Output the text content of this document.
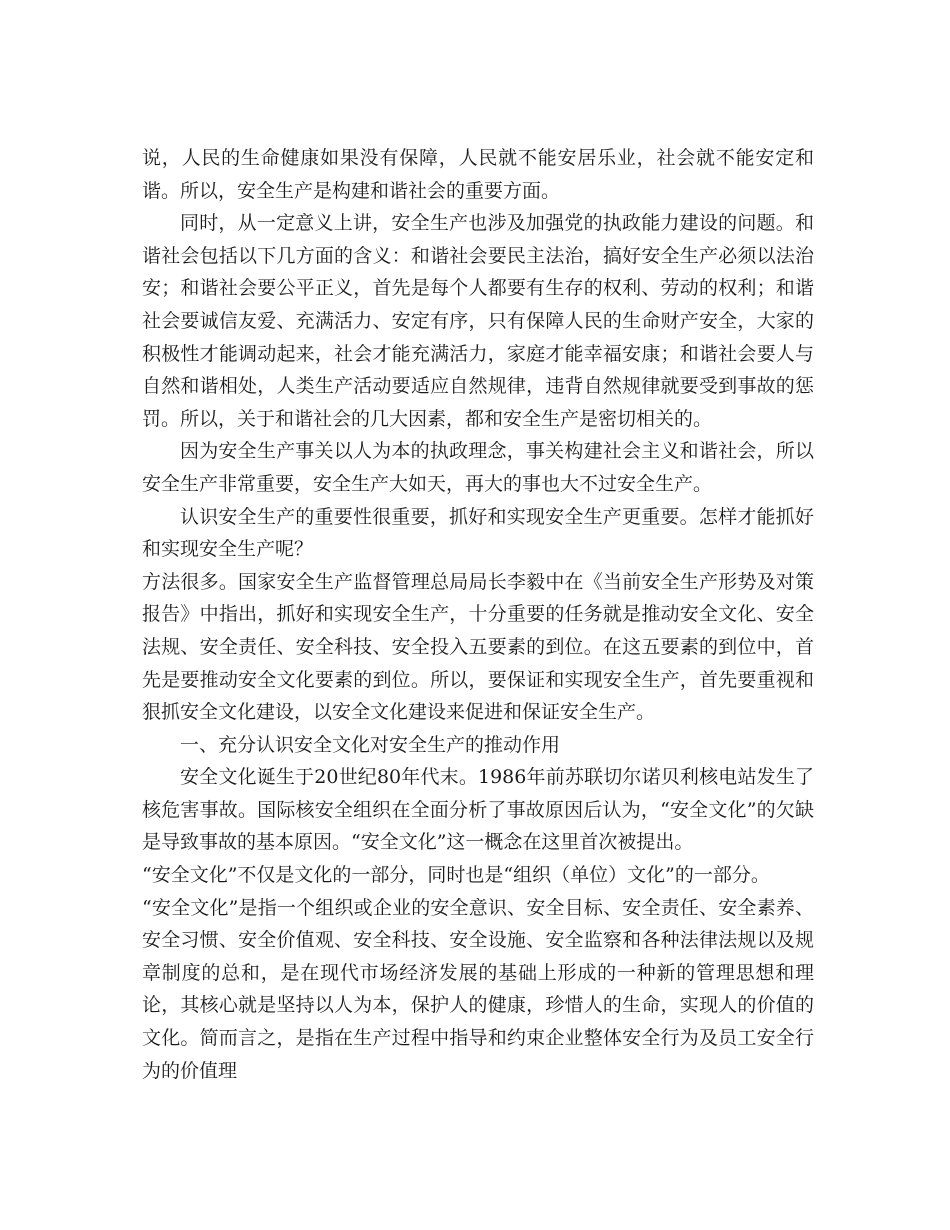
说，人民的生命健康如果没有保障，人民就不能安居乐业，社会就不能安定和谐。所以，安全生产是构建和谐社会的重要方面。

同时，从一定意义上讲，安全生产也涉及加强党的执政能力建设的问题。和谐社会包括以下几方面的含义：和谐社会要民主法治，搞好安全生产必须以法治安；和谐社会要公平正义，首先是每个人都要有生存的权利、劳动的权利；和谐社会要诚信友爱、充满活力、安定有序，只有保障人民的生命财产安全，大家的积极性才能调动起来，社会才能充满活力，家庭才能幸福安康；和谐社会要人与自然和谐相处，人类生产活动要适应自然规律，违背自然规律就要受到事故的惩罚。所以，关于和谐社会的几大因素，都和安全生产是密切相关的。

因为安全生产事关以人为本的执政理念，事关构建社会主义和谐社会，所以安全生产非常重要，安全生产大如天，再大的事也大不过安全生产。

认识安全生产的重要性很重要，抓好和实现安全生产更重要。怎样才能抓好和实现安全生产呢？

方法很多。国家安全生产监督管理总局局长李毅中在《当前安全生产形势及对策报告》中指出，抓好和实现安全生产，十分重要的任务就是推动安全文化、安全法规、安全责任、安全科技、安全投入五要素的到位。在这五要素的到位中，首先是要推动安全文化要素的到位。所以，要保证和实现安全生产，首先要重视和狠抓安全文化建设，以安全文化建设来促进和保证安全生产。

一、充分认识安全文化对安全生产的推动作用

安全文化诞生于20世纪80年代末。1986年前苏联切尔诺贝利核电站发生了核危害事故。国际核安全组织在全面分析了事故原因后认为，“安全文化”的欠缺是导致事故的基本原因。“安全文化”这一概念在这里首次被提出。

“安全文化”不仅是文化的一部分，同时也是“组织（单位）文化”的一部分。

“安全文化”是指一个组织或企业的安全意识、安全目标、安全责任、安全素养、安全习惯、安全价值观、安全科技、安全设施、安全监察和各种法律法规以及规章制度的总和，是在现代市场经济发展的基础上形成的一种新的管理思想和理论，其核心就是坚持以人为本，保护人的健康，珍惜人的生命，实现人的价值的文化。简而言之，是指在生产过程中指导和约束企业整体安全行为及员工安全行为的价值理
